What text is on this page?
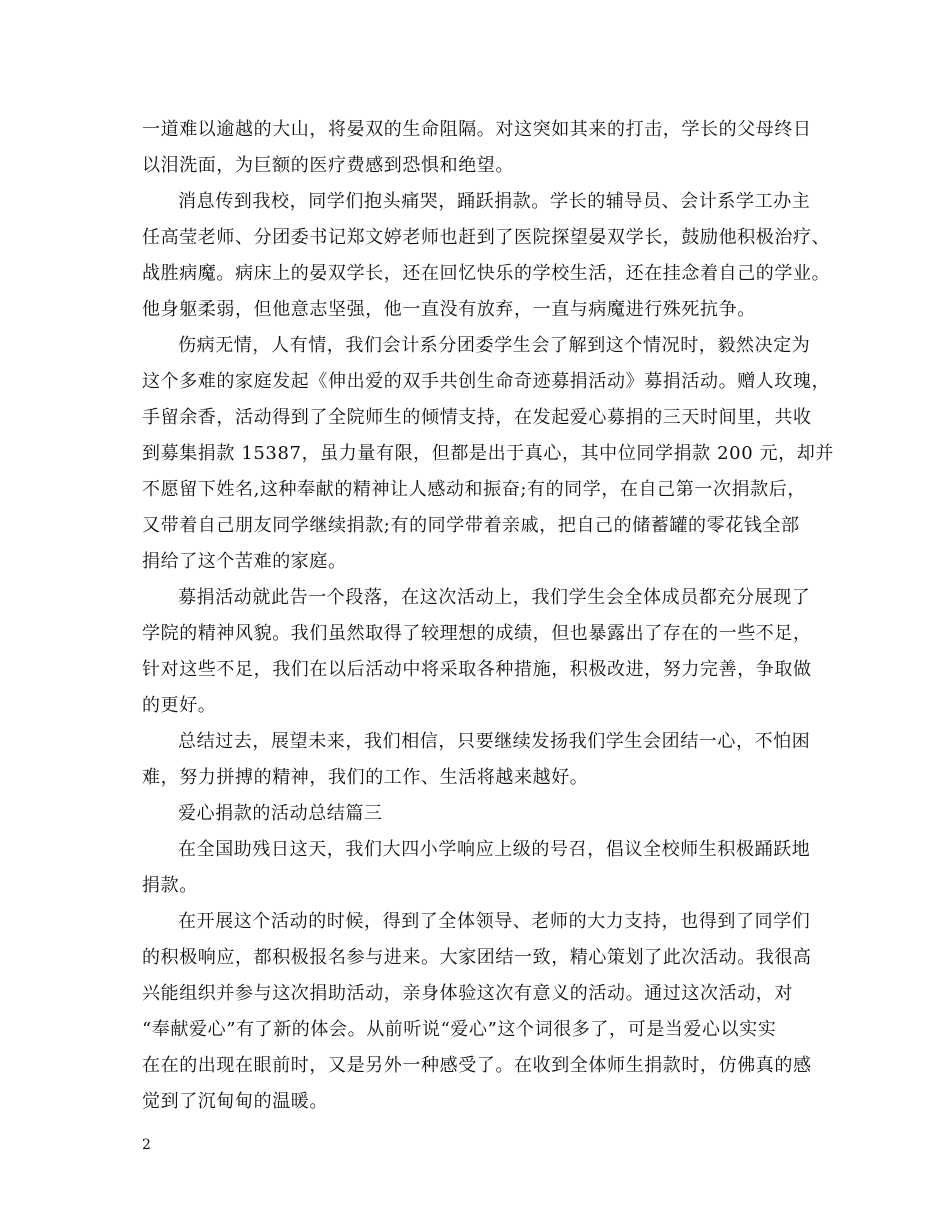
一道难以逾越的大山，将晏双的生命阻隔。对这突如其来的打击，学长的父母终日
以泪洗面，为巨额的医疗费感到恐惧和绝望。
消息传到我校，同学们抱头痛哭，踊跃捐款。学长的辅导员、会计系学工办主
任高莹老师、分团委书记郑文婷老师也赶到了医院探望晏双学长，鼓励他积极治疗、
战胜病魔。病床上的晏双学长，还在回忆快乐的学校生活，还在挂念着自己的学业。
他身躯柔弱，但他意志坚强，他一直没有放弃，一直与病魔进行殊死抗争。
伤病无情，人有情，我们会计系分团委学生会了解到这个情况时，毅然决定为
这个多难的家庭发起《伸出爱的双手共创生命奇迹募捐活动》募捐活动。赠人玫瑰，
手留余香，活动得到了全院师生的倾情支持，在发起爱心募捐的三天时间里，共收
到募集捐款 15387，虽力量有限，但都是出于真心，其中位同学捐款 200 元，却并
不愿留下姓名,这种奉献的精神让人感动和振奋;有的同学，在自己第一次捐款后，
又带着自己朋友同学继续捐款;有的同学带着亲戚，把自己的储蓄罐的零花钱全部
捐给了这个苦难的家庭。
募捐活动就此告一个段落，在这次活动上，我们学生会全体成员都充分展现了
学院的精神风貌。我们虽然取得了较理想的成绩，但也暴露出了存在的一些不足，
针对这些不足，我们在以后活动中将采取各种措施，积极改进，努力完善，争取做
的更好。
总结过去，展望未来，我们相信，只要继续发扬我们学生会团结一心，不怕困
难，努力拼搏的精神，我们的工作、生活将越来越好。
爱心捐款的活动总结篇三
在全国助残日这天，我们大四小学响应上级的号召，倡议全校师生积极踊跃地
捐款。
在开展这个活动的时候，得到了全体领导、老师的大力支持，也得到了同学们
的积极响应，都积极报名参与进来。大家团结一致，精心策划了此次活动。我很高
兴能组织并参与这次捐助活动，亲身体验这次有意义的活动。通过这次活动，对
“奉献爱心”有了新的体会。从前听说“爱心”这个词很多了，可是当爱心以实实
在在的出现在眼前时，又是另外一种感受了。在收到全体师生捐款时，仿佛真的感
觉到了沉甸甸的温暖。
2
